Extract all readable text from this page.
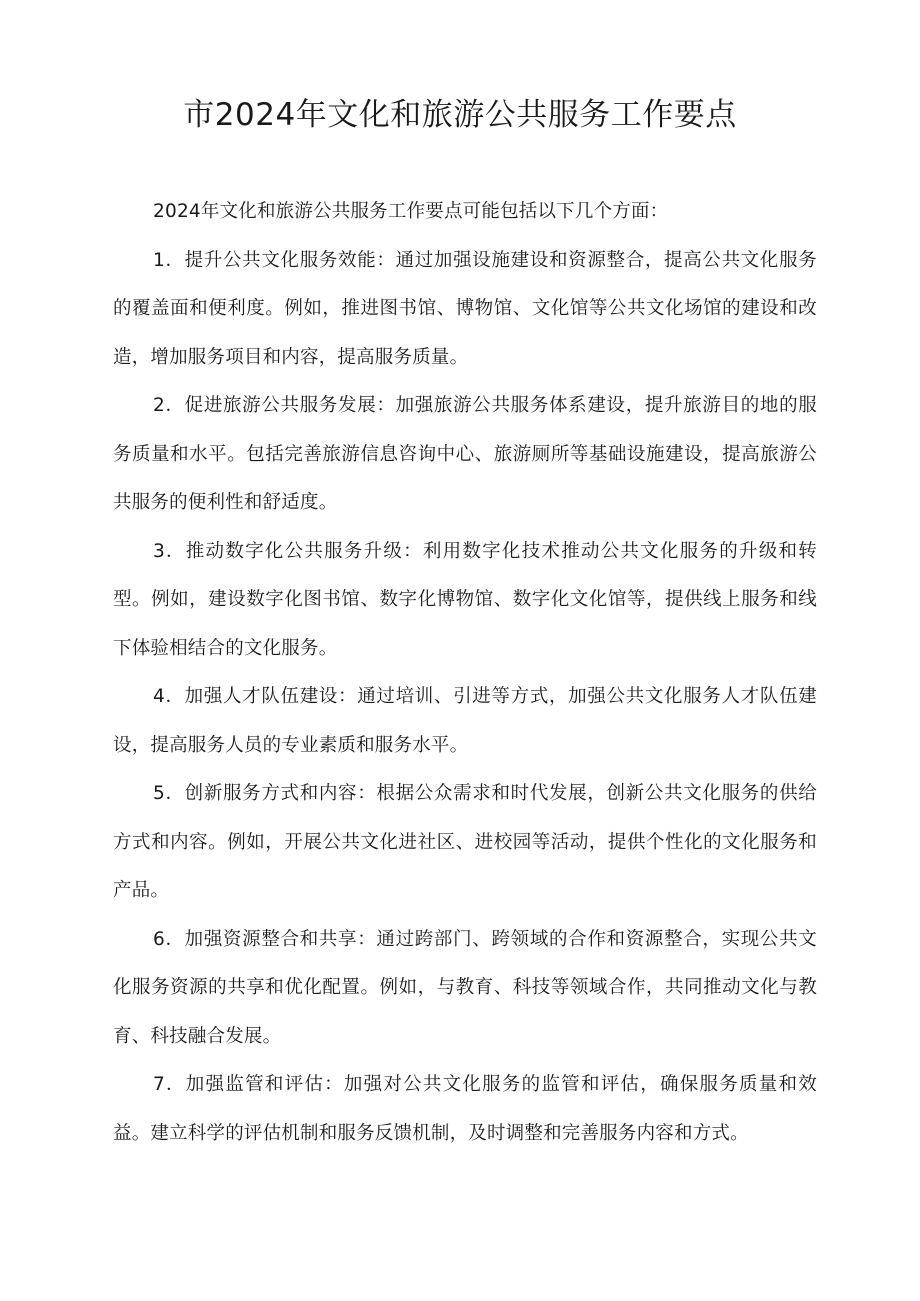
市2024年文化和旅游公共服务工作要点

2024年文化和旅游公共服务工作要点可能包括以下几个方面：

1．提升公共文化服务效能：通过加强设施建设和资源整合，提高公共文化服务的覆盖面和便利度。例如，推进图书馆、博物馆、文化馆等公共文化场馆的建设和改造，增加服务项目和内容，提高服务质量。

2．促进旅游公共服务发展：加强旅游公共服务体系建设，提升旅游目的地的服务质量和水平。包括完善旅游信息咨询中心、旅游厕所等基础设施建设，提高旅游公共服务的便利性和舒适度。

3．推动数字化公共服务升级：利用数字化技术推动公共文化服务的升级和转型。例如，建设数字化图书馆、数字化博物馆、数字化文化馆等，提供线上服务和线下体验相结合的文化服务。

4．加强人才队伍建设：通过培训、引进等方式，加强公共文化服务人才队伍建设，提高服务人员的专业素质和服务水平。

5．创新服务方式和内容：根据公众需求和时代发展，创新公共文化服务的供给方式和内容。例如，开展公共文化进社区、进校园等活动，提供个性化的文化服务和产品。

6．加强资源整合和共享：通过跨部门、跨领域的合作和资源整合，实现公共文化服务资源的共享和优化配置。例如，与教育、科技等领域合作，共同推动文化与教育、科技融合发展。

7．加强监管和评估：加强对公共文化服务的监管和评估，确保服务质量和效益。建立科学的评估机制和服务反馈机制，及时调整和完善服务内容和方式。
